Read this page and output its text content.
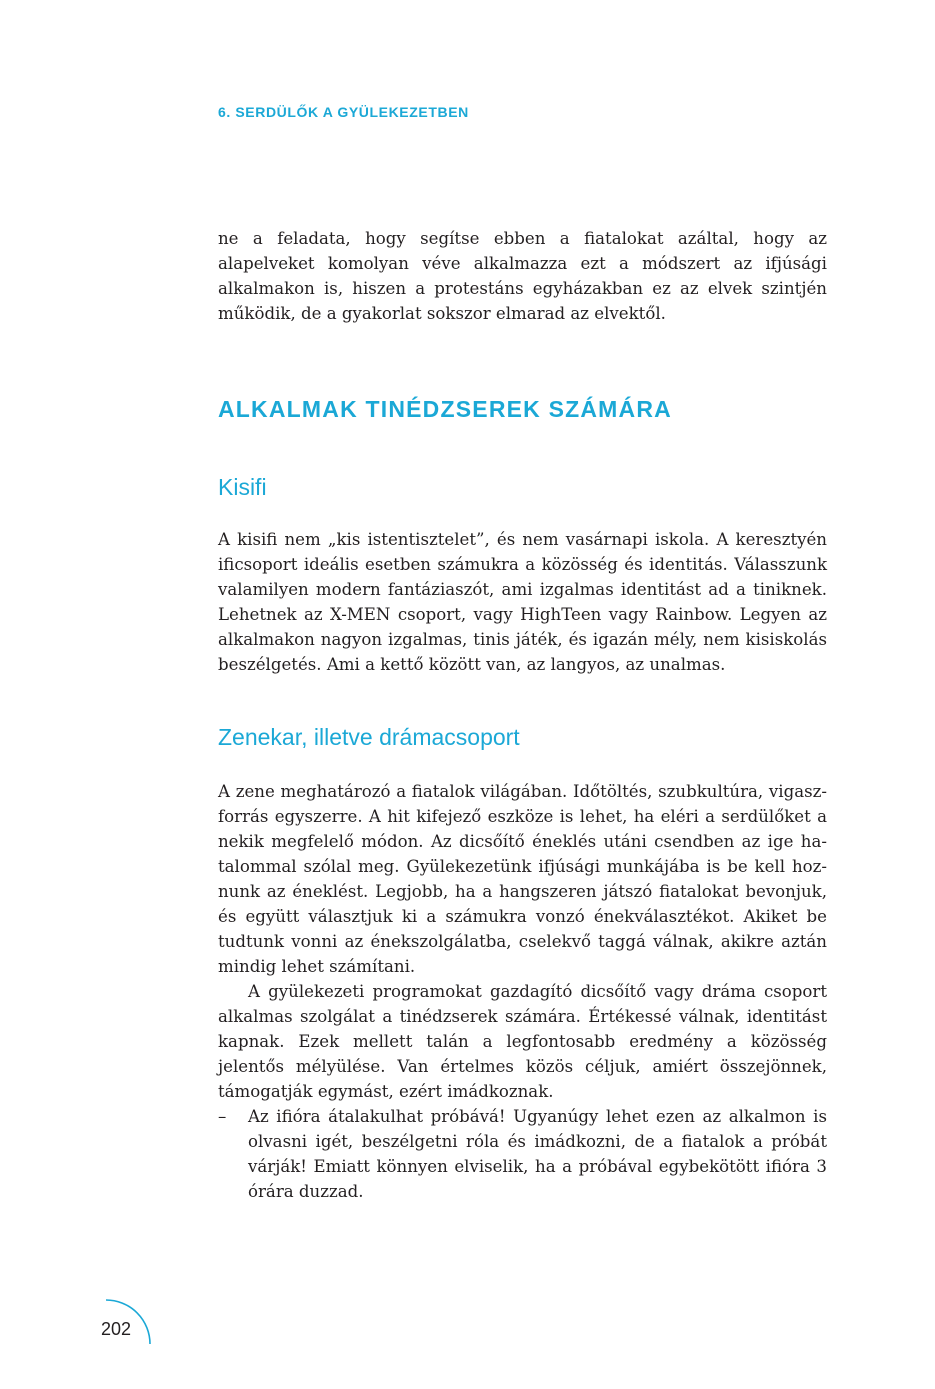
6. SERDÜLŐK A GYÜLEKEZETBEN

ne a feladata, hogy segítse ebben a fiatalokat azáltal, hogy az alapelveket komolyan véve alkalmazza ezt a módszert az ifjúsági alkalmakon is, hiszen a protestáns egyházakban ez az elvek szintjén működik, de a gyakorlat sokszor elmarad az elvektől.

ALKALMAK TINÉDZSEREK SZÁMÁRA
Kisifi

A kisifi nem „kis istentisztelet”, és nem vasárnapi iskola. A keresztyén ificsoport ideális esetben számukra a közösség és identitás. Válasszunk valamilyen modern fantáziaszót, ami izgalmas identitást ad a tiniknek. Lehetnek az X-MEN csoport, vagy HighTeen vagy Rainbow. Legyen az alkalmakon nagyon izgalmas, tinis játék, és igazán mély, nem kisiskolás beszélgetés. Ami a kettő között van, az langyos, az unalmas.

Zenekar, illetve drámacsoport

A zene meghatározó a fiatalok világában. Időtöltés, szubkultúra, vigaszforrás egyszerre. A hit kifejező eszköze is lehet, ha eléri a serdülőket a nekik megfelelő módon. Az dicsőítő éneklés utáni csendben az ige hatalommal szólal meg. Gyülekezetünk ifjúsági munkájába is be kell hoznunk az éneklést. Legjobb, ha a hangszeren játszó fiatalokat bevonjuk, és együtt választjuk ki a számukra vonzó énekválasztékot. Akiket be tudtunk vonni az énekszolgálatba, cselekvő taggá válnak, akikre aztán mindig lehet számítani.

A gyülekezeti programokat gazdagító dicsőítő vagy dráma csoport alkalmas szolgálat a tinédzserek számára. Értékessé válnak, identitást kapnak. Ezek mellett talán a legfontosabb eredmény a közösség jelentős mélyülése. Van értelmes közös céljuk, amiért összejönnek, támogatják egymást, ezért imádkoznak.

–	Az ifióra átalakulhat próbává! Ugyanúgy lehet ezen az alkalmon is olvasni igét, beszélgetni róla és imádkozni, de a fiatalok a próbát várják! Emiatt könnyen elviselik, ha a próbával egybekötött ifióra 3 órára duzzad.
202
